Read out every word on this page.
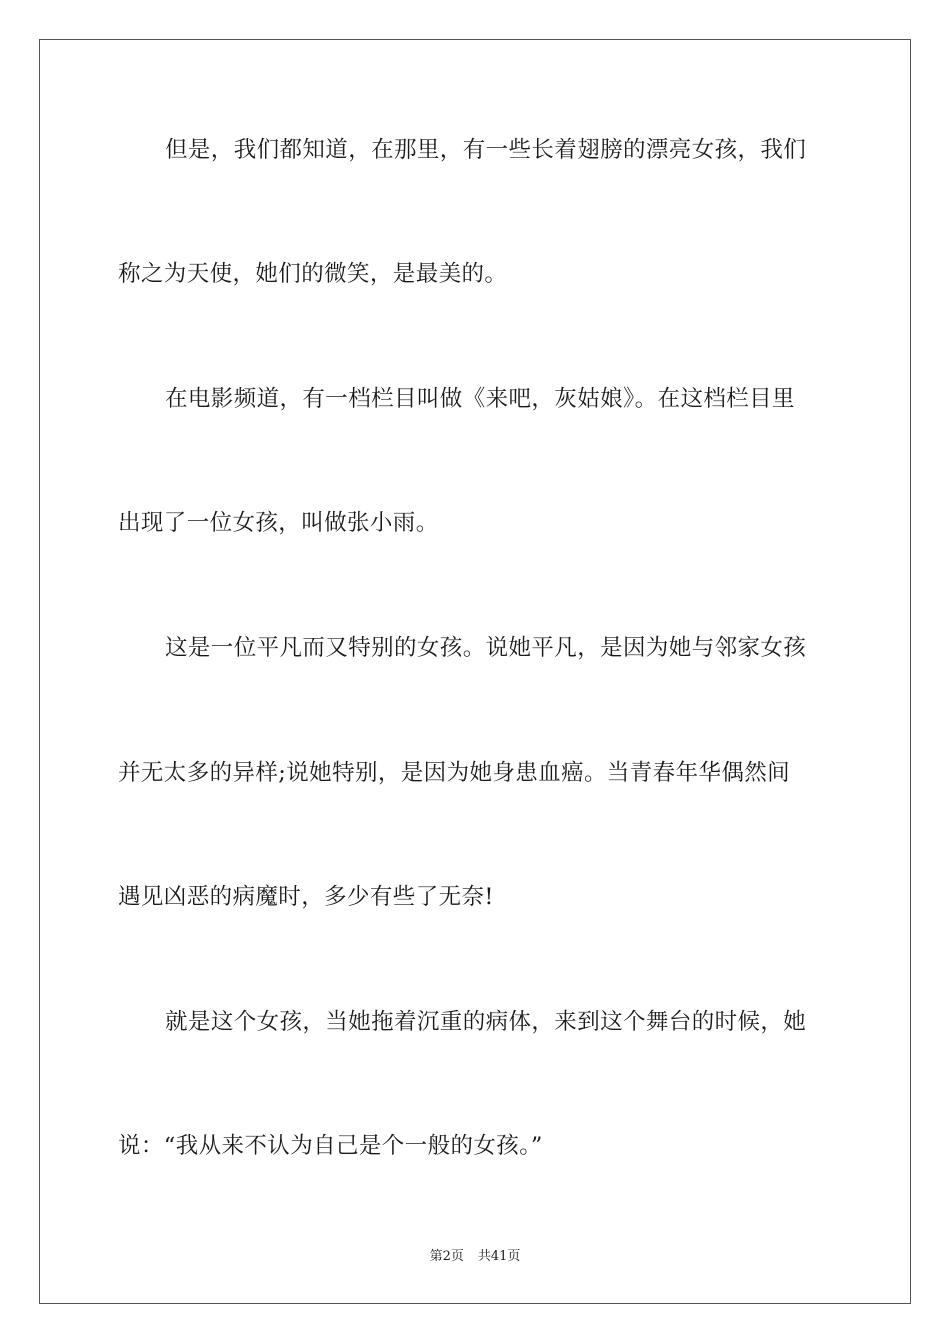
但是，我们都知道，在那里，有一些长着翅膀的漂亮女孩，我们
称之为天使，她们的微笑，是最美的。
在电影频道，有一档栏目叫做《来吧，灰姑娘》。在这档栏目里
出现了一位女孩，叫做张小雨。
这是一位平凡而又特别的女孩。说她平凡，是因为她与邻家女孩
并无太多的异样;说她特别，是因为她身患血癌。当青春年华偶然间
遇见凶恶的病魔时，多少有些了无奈!
就是这个女孩，当她拖着沉重的病体，来到这个舞台的时候，她
说：“我从来不认为自己是个一般的女孩。”
第2页 共41页
